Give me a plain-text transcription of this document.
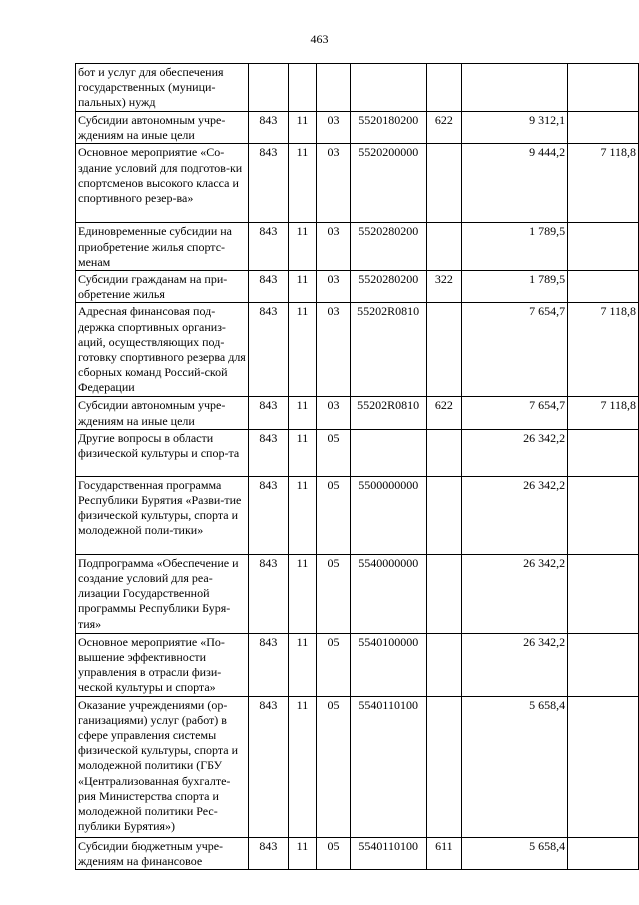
463
бот и услуг для обеспечения государственных (муници-пальных) нужд							
Субсидии автономным учре-ждениям на иные цели	843	11	03	5520180200	622	9 312,1	
Основное мероприятие «Со-здание условий для подготов-ки спортсменов высокого класса и спортивного резер-ва»	843	11	03	5520200000		9 444,2	7 118,8
Единовременные субсидии на приобретение жилья спортс-менам	843	11	03	5520280200		1 789,5	
Субсидии гражданам на при-обретение жилья	843	11	03	5520280200	322	1 789,5	
Адресная финансовая под-держка спортивных организ-аций, осуществляющих под-готовку спортивного резерва для сборных команд Россий-ской Федерации	843	11	03	55202R0810		7 654,7	7 118,8
Субсидии автономным учре-ждениям на иные цели	843	11	03	55202R0810	622	7 654,7	7 118,8
Другие вопросы в области физической культуры и спор-та	843	11	05			26 342,2	
Государственная программа Республики Бурятия «Разви-тие физической культуры, спорта и молодежной поли-тики»	843	11	05	5500000000		26 342,2	
Подпрограмма «Обеспечение и создание условий для реа-лизации Государственной программы Республики Буря-тия»	843	11	05	5540000000		26 342,2	
Основное мероприятие «По-вышение эффективности управления в отрасли физи-ческой культуры и спорта»	843	11	05	5540100000		26 342,2	
Оказание учреждениями (ор-ганизациями) услуг (работ) в сфере управления системы физической культуры, спорта и молодежной политики (ГБУ «Централизованная бухгалте-рия Министерства спорта и молодежной политики Рес-публики Бурятия»)	843	11	05	5540110100		5 658,4	
Субсидии бюджетным учре-ждениям на финансовое	843	11	05	5540110100	611	5 658,4	
